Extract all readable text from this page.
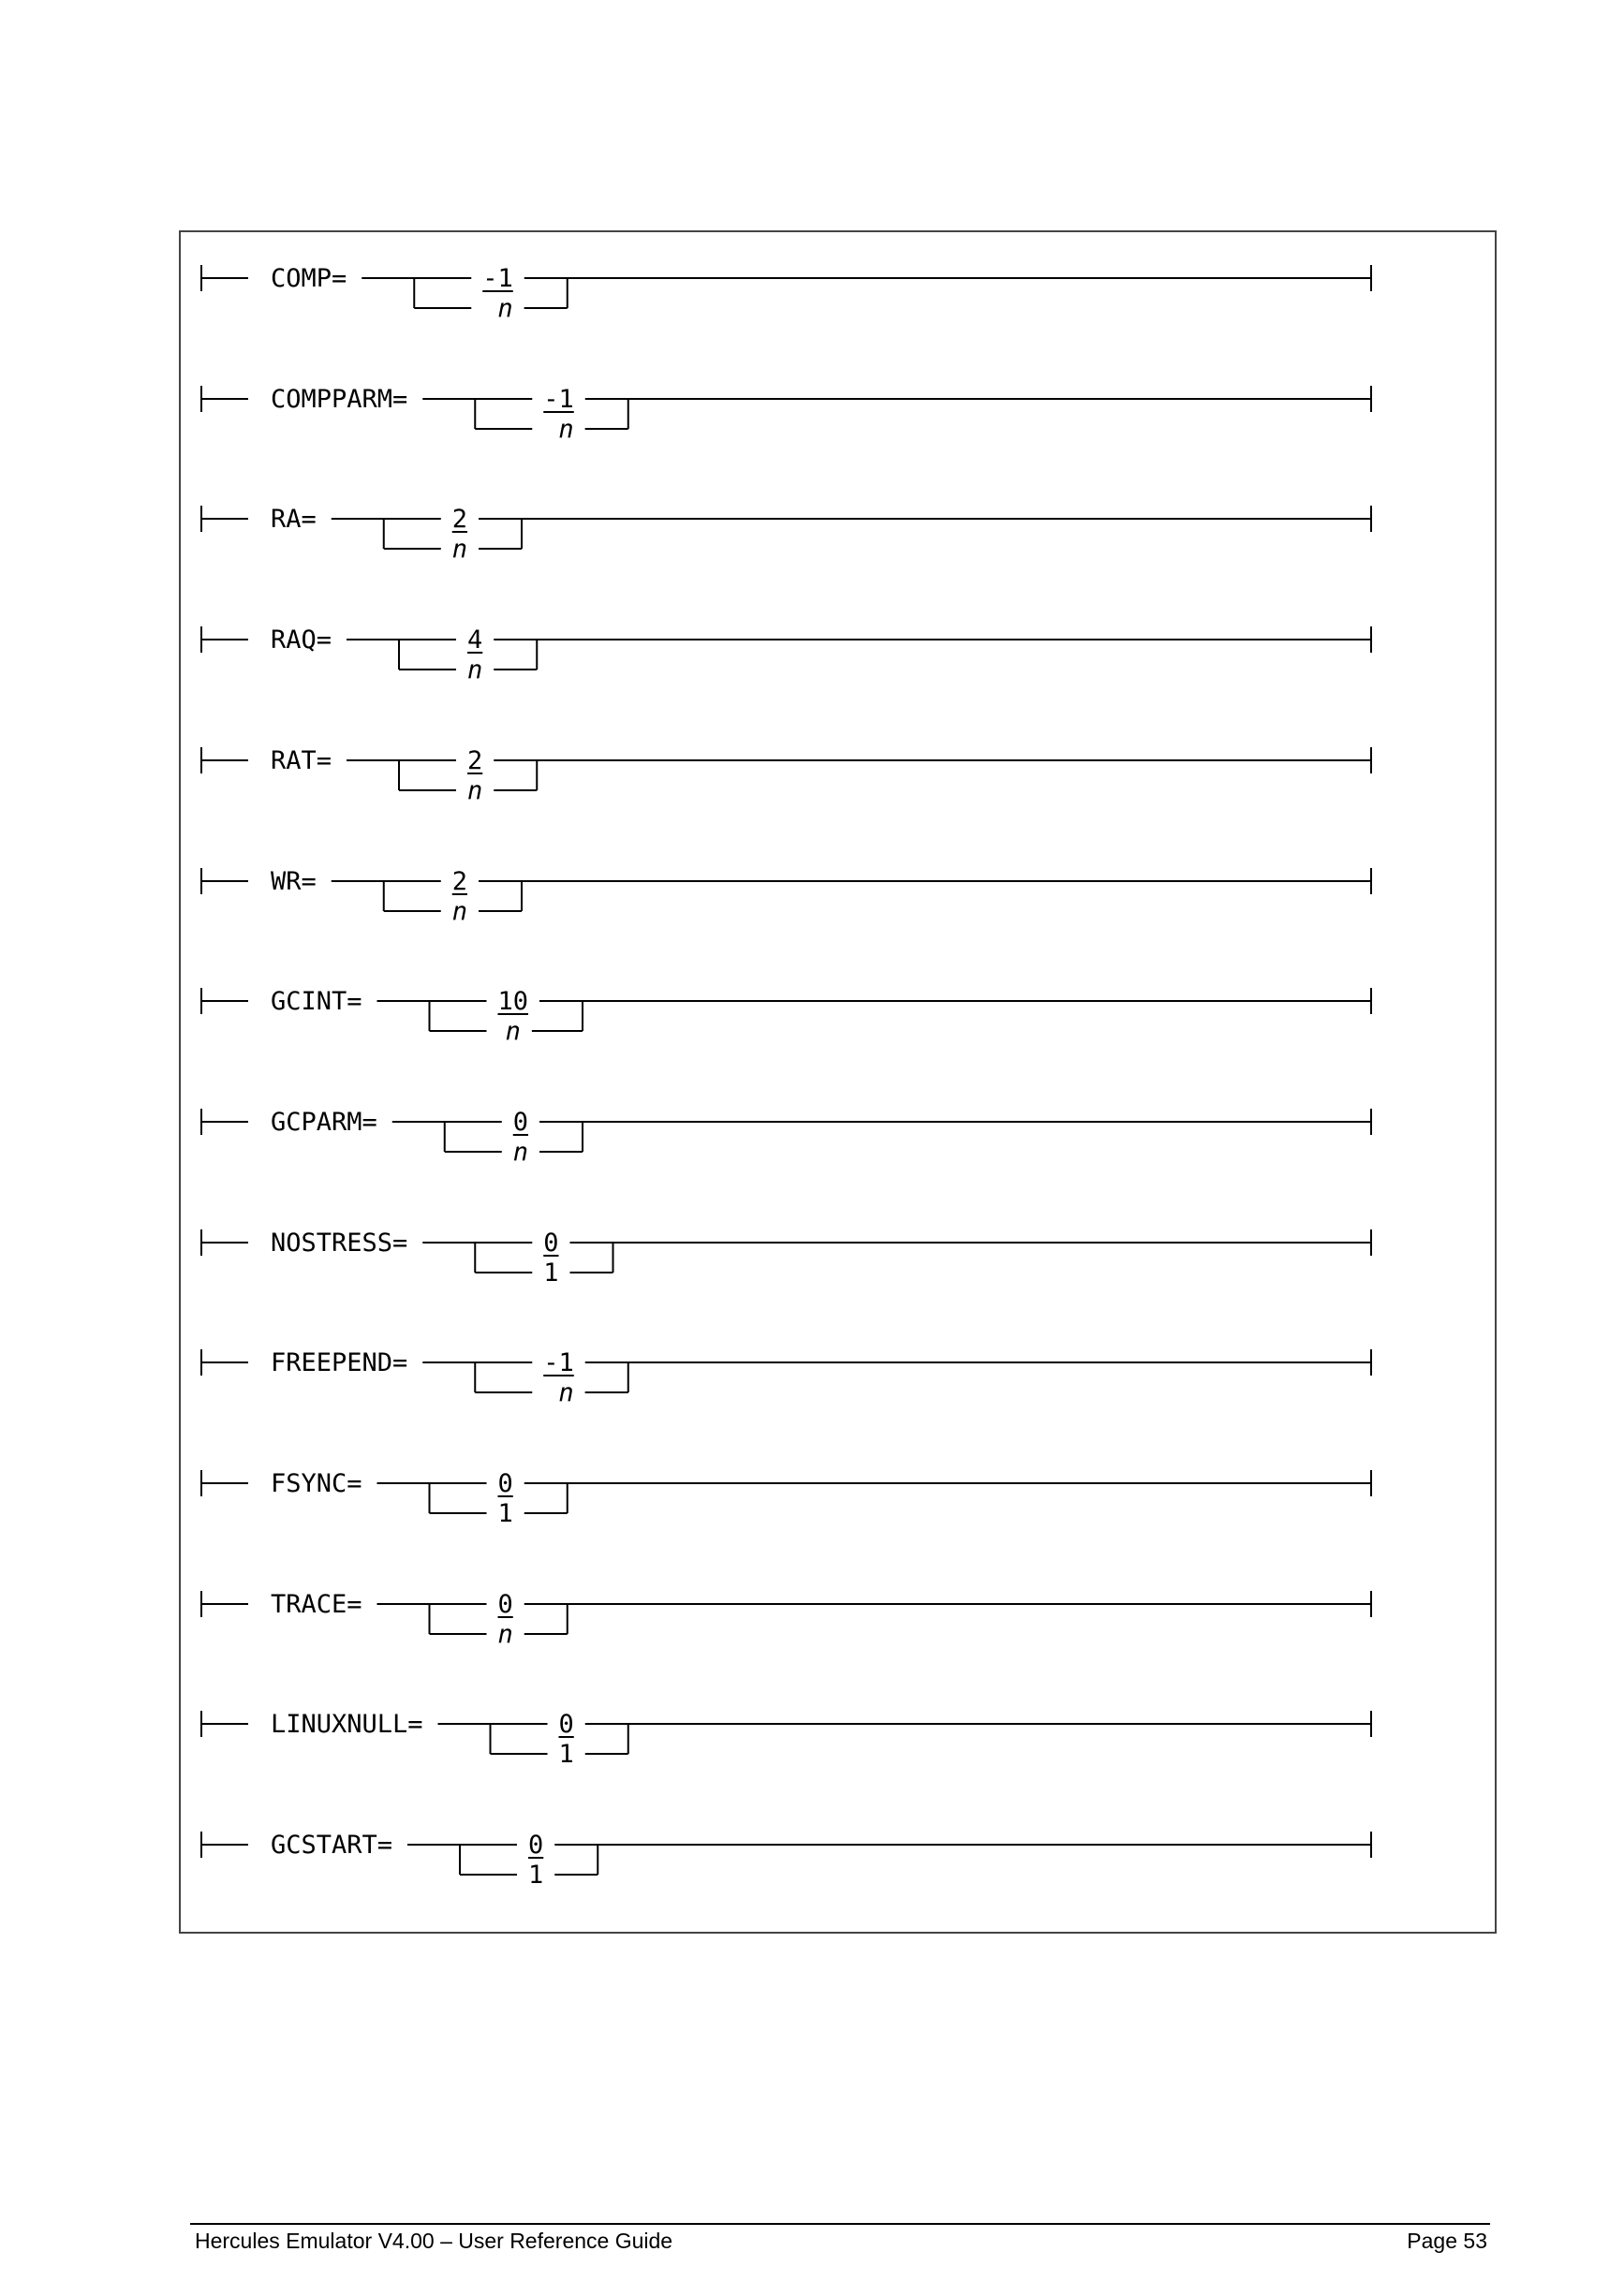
COMP=	-1
n
COMPPARM=	-1
n
RA=	2
n
RAQ=	4
n
RAT=	2
n
WR=	2
n
GCINT=	10
n
GCPARM=	0
n
NOSTRESS=	0
1
FREEPEND=	-1
n
FSYNC=	0
1
TRACE=	0
n
LINUXNULL=	0
1
GCSTART=	0
1
Hercules Emulator V4.00 – User Reference Guide	Page 53
